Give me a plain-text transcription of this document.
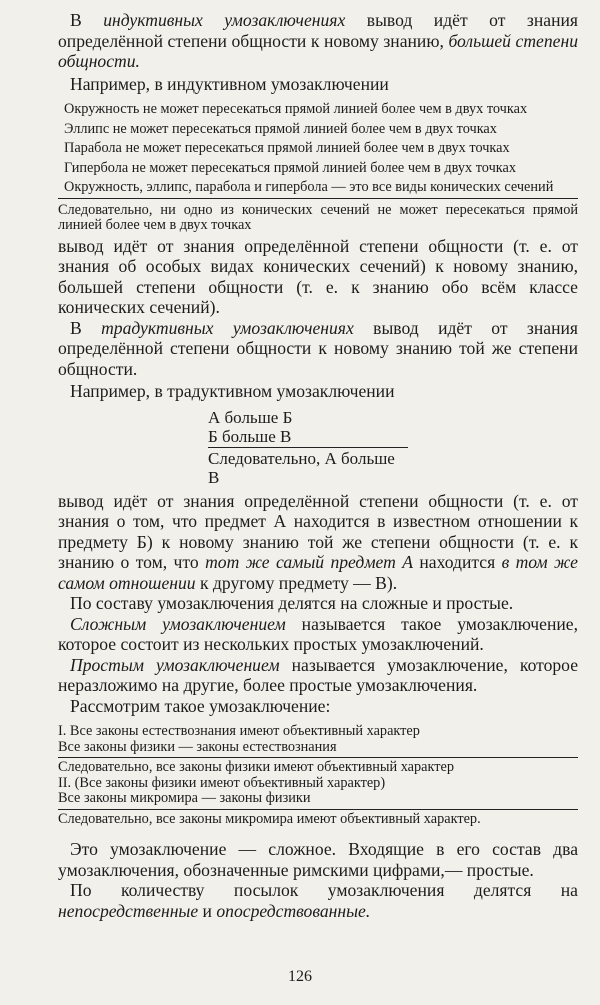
В индуктивных умозаключениях вывод идёт от знания определённой степени общности к новому знанию, большей степени общности.

Например, в индуктивном умозаключении

Окружность не может пересекаться прямой линией более чем в двух точках

Эллипс не может пересекаться прямой линией более чем в двух точках

Парабола не может пересекаться прямой линией более чем в двух точках

Гипербола не может пересекаться прямой линией более чем в двух точках

Окружность, эллипс, парабола и гипербола — это все виды конических сечений

Следовательно, ни одно из конических сечений не может пересекаться прямой линией более чем в двух точках

вывод идёт от знания определённой степени общности (т. е. от знания об особых видах конических сечений) к новому знанию, большей степени общности (т. е. к знанию обо всём классе конических сечений).

В традуктивных умозаключениях вывод идёт от знания определённой степени общности к новому знанию той же степени общности.

Например, в традуктивном умозаключении

А больше Б

Б больше В

Следовательно, А больше В

вывод идёт от знания определённой степени общности (т. е. от знания о том, что предмет А находится в известном отношении к предмету Б) к новому знанию той же степени общности (т. е. к знанию о том, что тот же самый предмет А находится в том же самом отношении к другому предмету — В).

По составу умозаключения делятся на сложные и простые.

Сложным умозаключением называется такое умозаключение, которое состоит из нескольких простых умозаключений.

Простым умозаключением называется умозаключение, которое неразложимо на другие, более простые умозаключения.

Рассмотрим такое умозаключение:

I. Все законы естествознания имеют объективный характер

Все законы физики — законы естествознания

Следовательно, все законы физики имеют объективный характер

II. (Все законы физики имеют объективный характер)

Все законы микромира — законы физики

Следовательно, все законы микромира имеют объективный характер.

Это умозаключение — сложное. Входящие в его состав два умозаключения, обозначенные римскими цифрами,— простые.

По количеству посылок умозаключения делятся на непосредственные и опосредствованные.

126
